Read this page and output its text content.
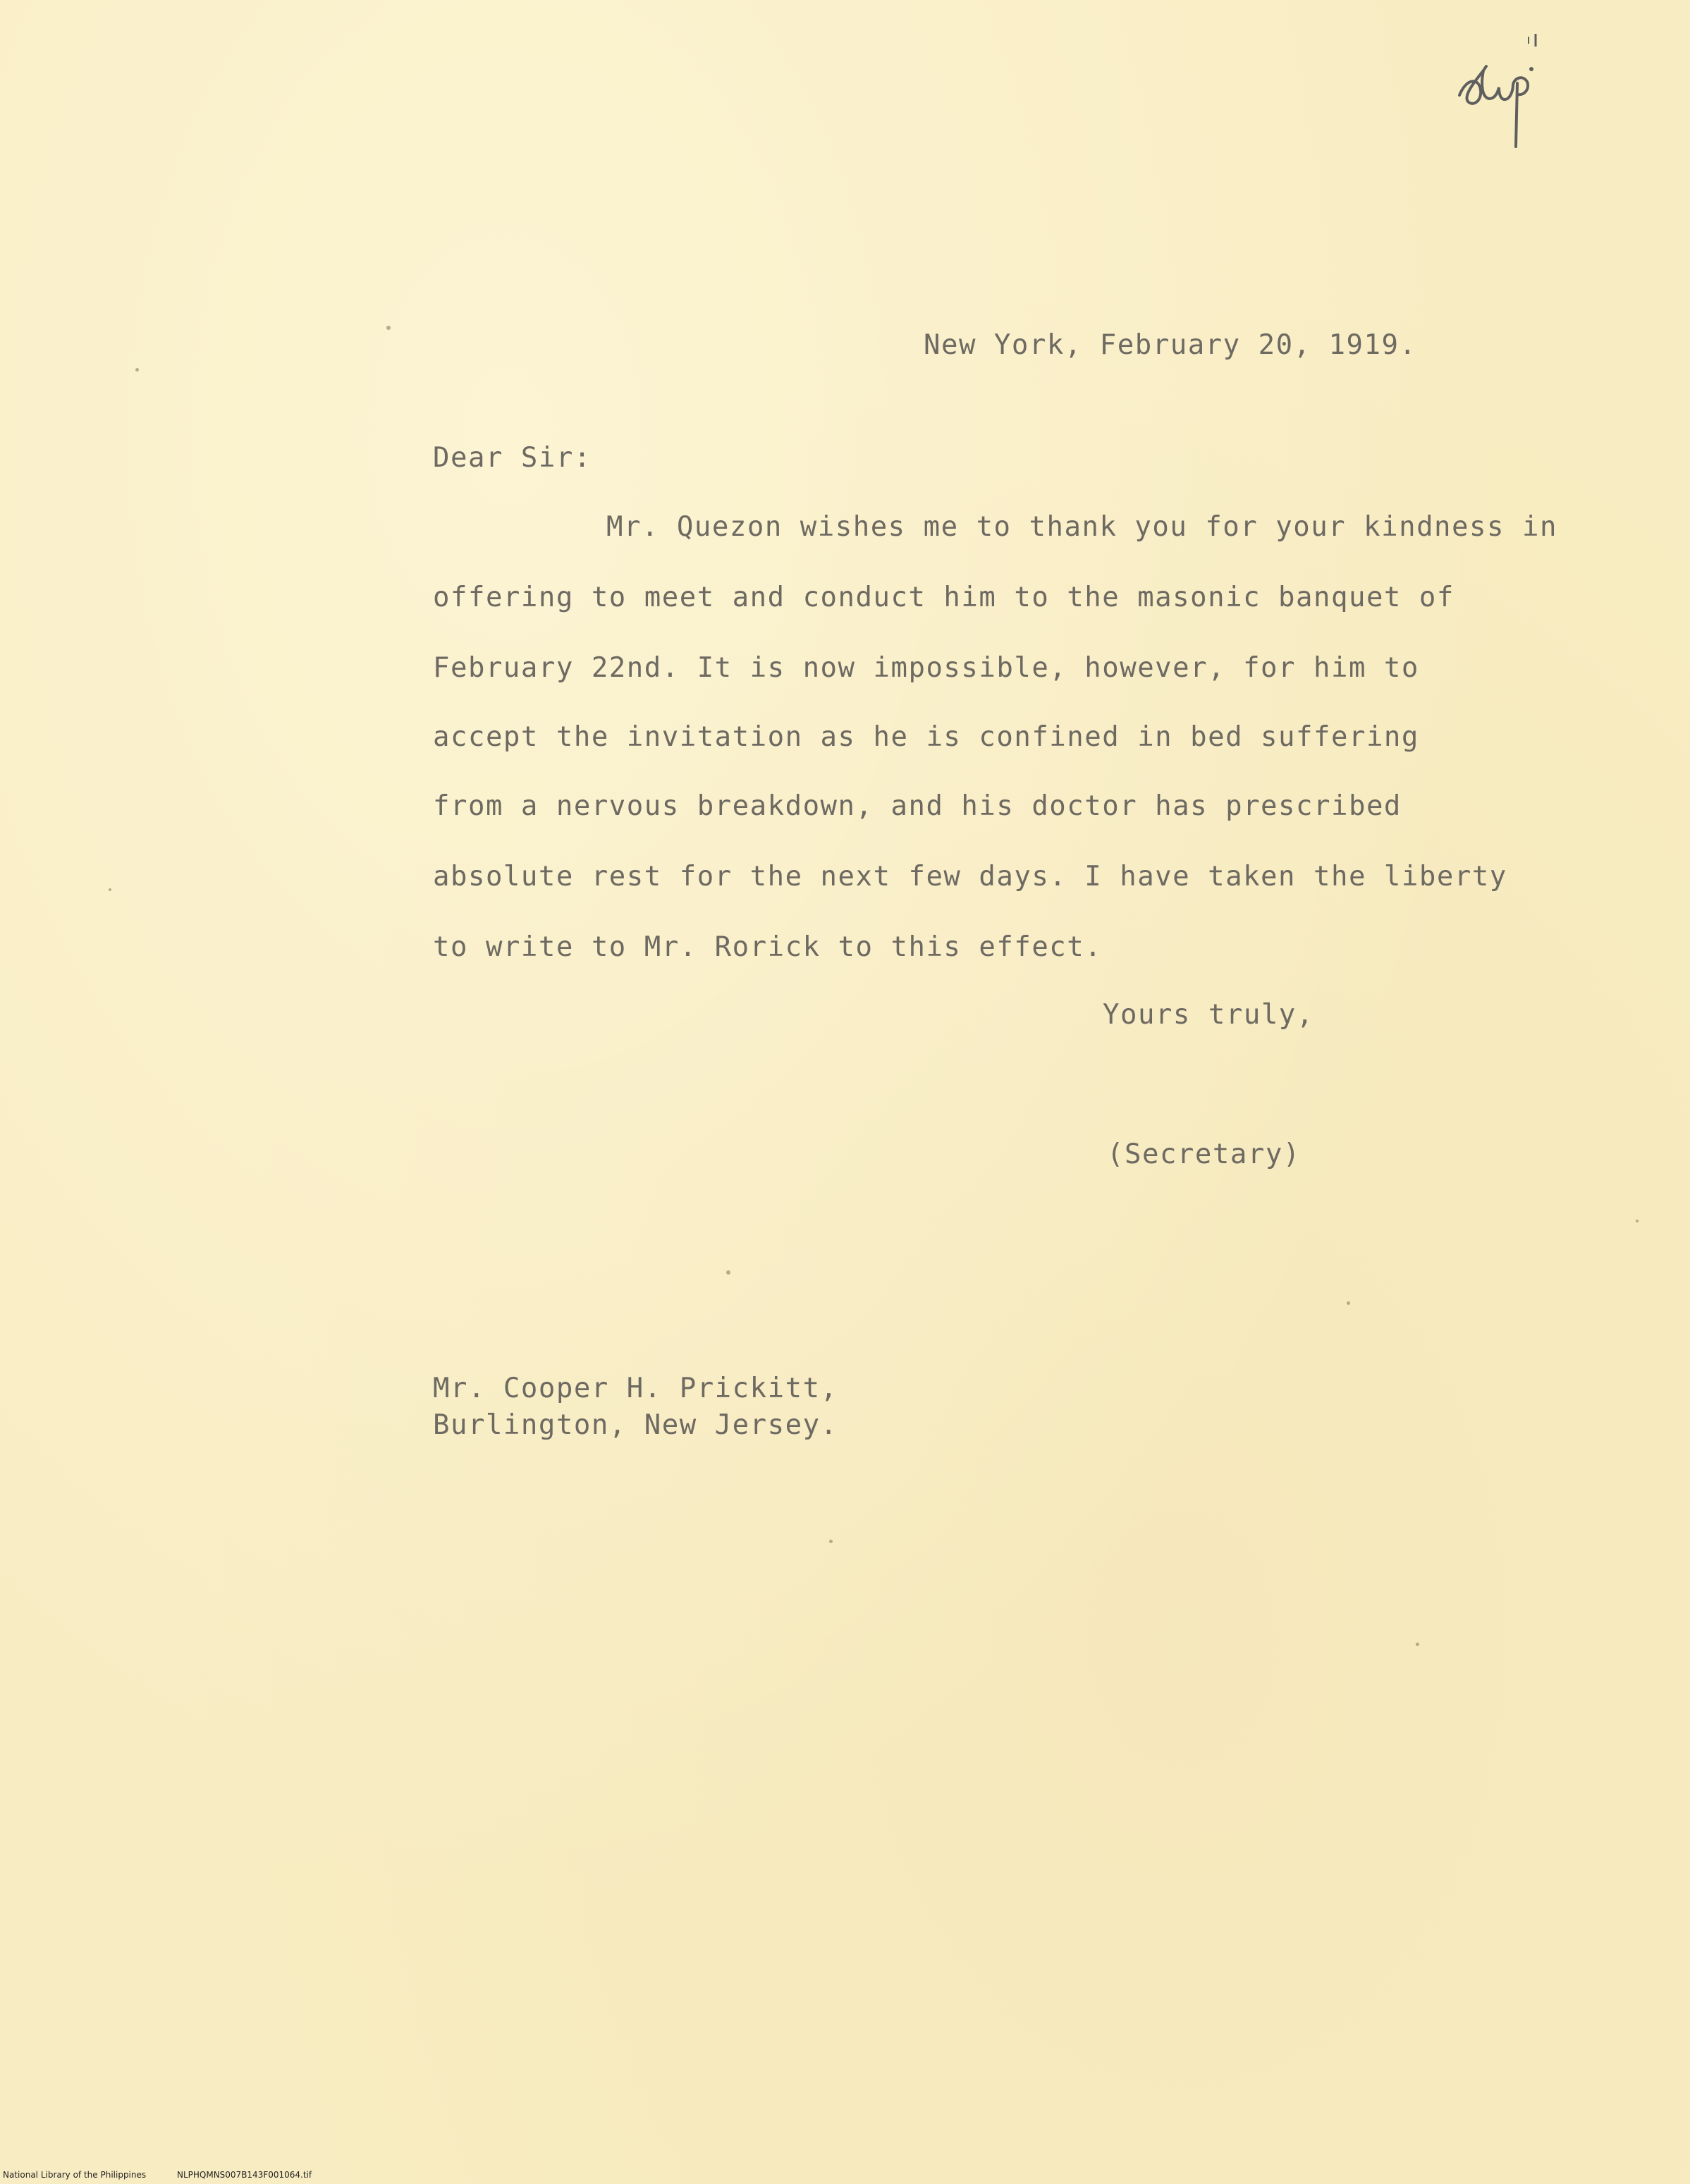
New York, February 20, 1919.
Dear Sir:
Mr. Quezon wishes me to thank you for your kindness in
offering to meet and conduct him to the masonic banquet of
February 22nd. It is now impossible, however, for him to
accept the invitation as he is confined in bed suffering
from a nervous breakdown, and his doctor has prescribed
absolute rest for the next few days. I have taken the liberty
to write to Mr. Rorick to this effect.
Yours truly,
(Secretary)
Mr. Cooper H. Prickitt,
Burlington, New Jersey.
National Library of the Philippines	NLPHQMNS007B143F001064.tif
